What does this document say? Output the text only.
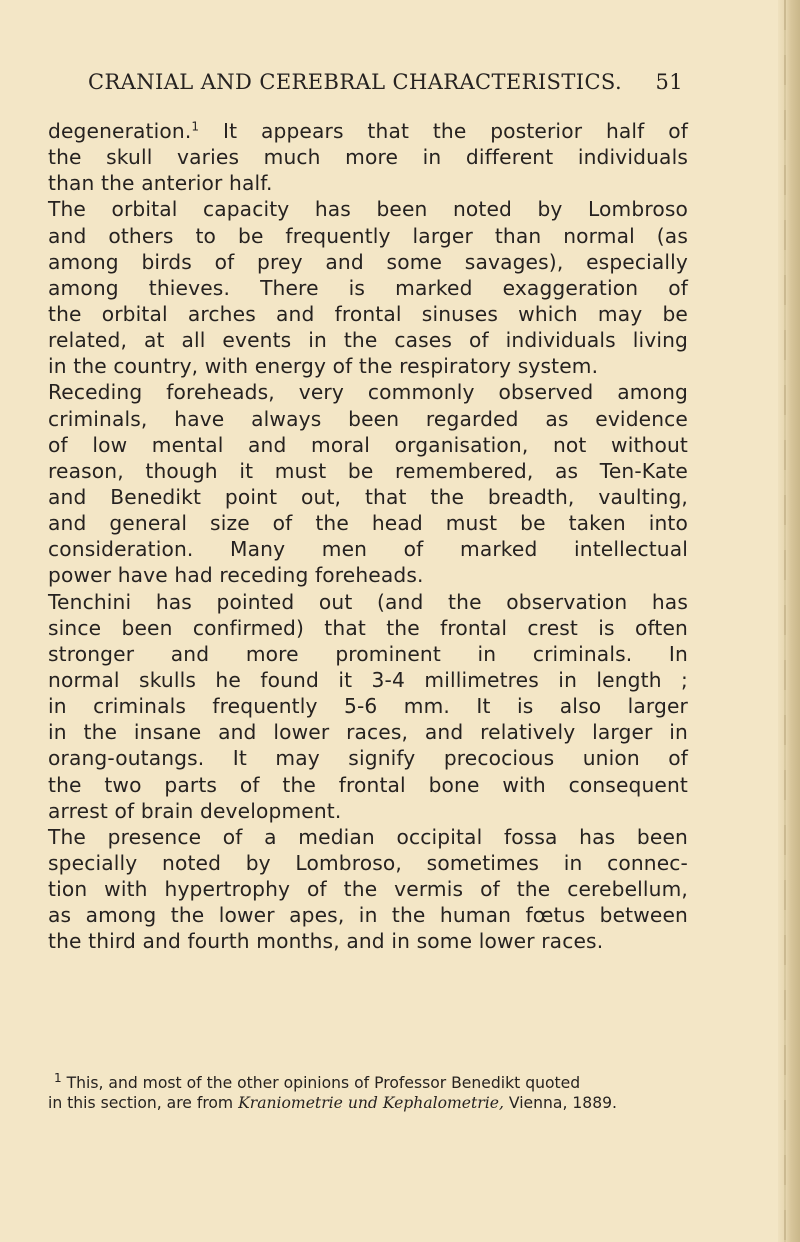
CRANIAL AND CEREBRAL CHARACTERISTICS. 51
degeneration.$^1$ It appears that the posterior half of
the skull varies much more in different individuals
than the anterior half.
The orbital capacity has been noted by Lombroso
and others to be frequently larger than normal (as
among birds of prey and some savages), especially
among thieves. There is marked exaggeration of
the orbital arches and frontal sinuses which may be
related, at all events in the cases of individuals living
in the country, with energy of the respiratory system.
Receding foreheads, very commonly observed among
criminals, have always been regarded as evidence
of low mental and moral organisation, not without
reason, though it must be remembered, as Ten-Kate
and Benedikt point out, that the breadth, vaulting,
and general size of the head must be taken into
consideration. Many men of marked intellectual
power have had receding foreheads.
Tenchini has pointed out (and the observation has
since been confirmed) that the frontal crest is often
stronger and more prominent in criminals. In
normal skulls he found it 3-4 millimetres in length ;
in criminals frequently 5-6 mm. It is also larger
in the insane and lower races, and relatively larger in
orang-outangs. It may signify precocious union of
the two parts of the frontal bone with consequent
arrest of brain development.
The presence of a median occipital fossa has been
specially noted by Lombroso, sometimes in connec-
tion with hypertrophy of the vermis of the cerebellum,
as among the lower apes, in the human fœtus between
the third and fourth months, and in some lower races.
$^1$ This, and most of the other opinions of Professor Benedikt quoted
in this section, are from Kraniometrie und Kephalometrie, Vienna, 1889.
